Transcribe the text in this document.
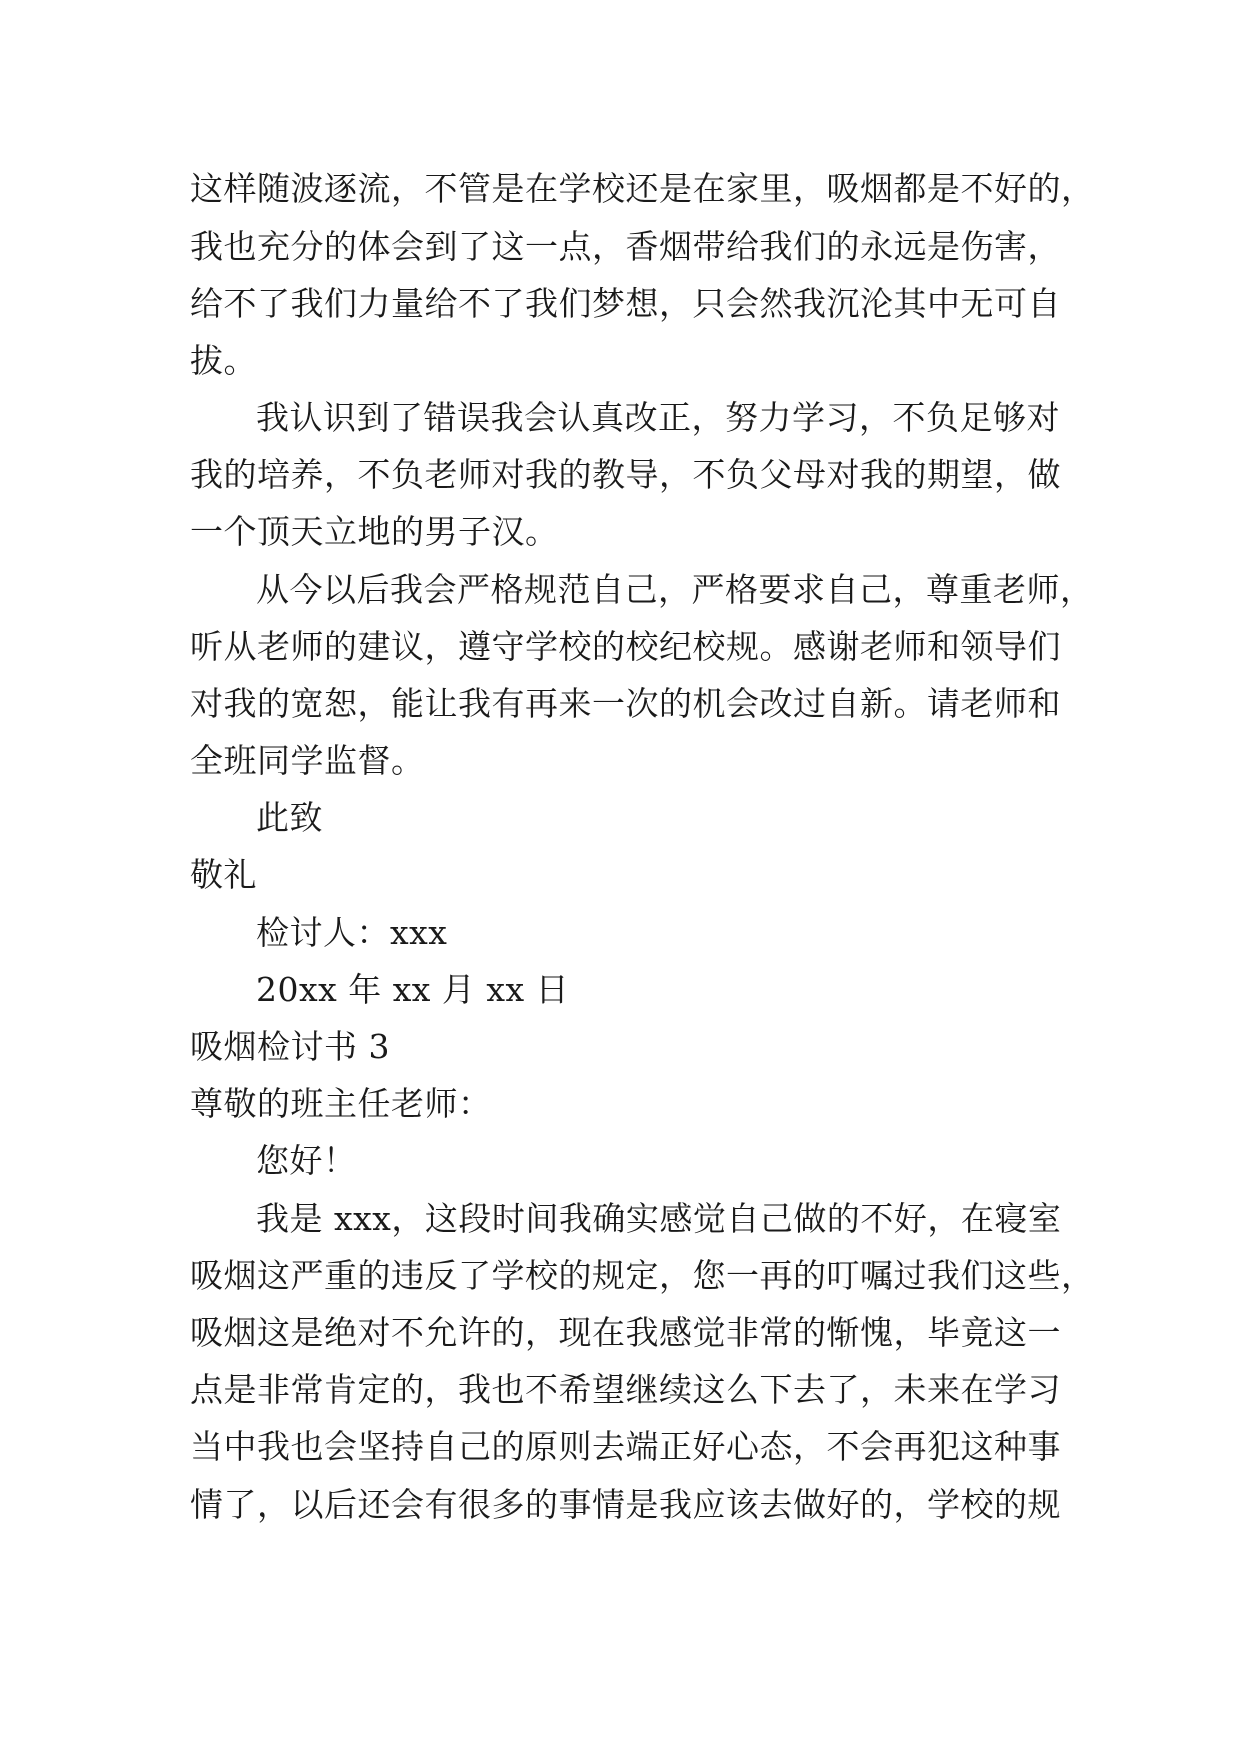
这样随波逐流，不管是在学校还是在家里，吸烟都是不好的，
我也充分的体会到了这一点，香烟带给我们的永远是伤害，
给不了我们力量给不了我们梦想，只会然我沉沦其中无可自
拔。
我认识到了错误我会认真改正，努力学习，不负足够对
我的培养，不负老师对我的教导，不负父母对我的期望，做
一个顶天立地的男子汉。
从今以后我会严格规范自己，严格要求自己，尊重老师，
听从老师的建议，遵守学校的校纪校规。感谢老师和领导们
对我的宽恕，能让我有再来一次的机会改过自新。请老师和
全班同学监督。
此致
敬礼
检讨人：xxx
20xx 年 xx 月 xx 日
吸烟检讨书 3
尊敬的班主任老师：
您好！
我是 xxx，这段时间我确实感觉自己做的不好，在寝室
吸烟这严重的违反了学校的规定，您一再的叮嘱过我们这些，
吸烟这是绝对不允许的，现在我感觉非常的惭愧，毕竟这一
点是非常肯定的，我也不希望继续这么下去了，未来在学习
当中我也会坚持自己的原则去端正好心态，不会再犯这种事
情了，以后还会有很多的事情是我应该去做好的，学校的规
